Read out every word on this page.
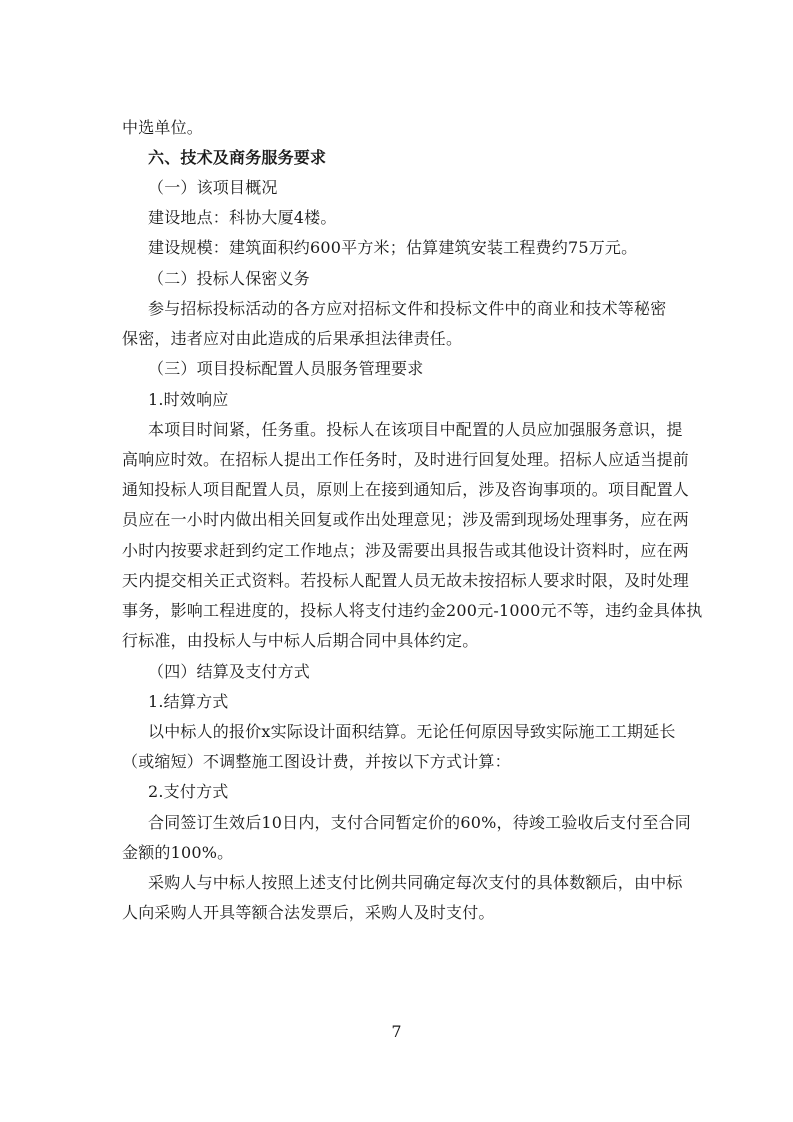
中选单位。
六、技术及商务服务要求
（一）该项目概况
建设地点：科协大厦4楼。
建设规模：建筑面积约600平方米；估算建筑安装工程费约75万元。
（二）投标人保密义务
参与招标投标活动的各方应对招标文件和投标文件中的商业和技术等秘密
保密，违者应对由此造成的后果承担法律责任。
（三）项目投标配置人员服务管理要求
1.时效响应
本项目时间紧，任务重。投标人在该项目中配置的人员应加强服务意识，提
高响应时效。在招标人提出工作任务时，及时进行回复处理。招标人应适当提前
通知投标人项目配置人员，原则上在接到通知后，涉及咨询事项的。项目配置人
员应在一小时内做出相关回复或作出处理意见；涉及需到现场处理事务，应在两
小时内按要求赶到约定工作地点；涉及需要出具报告或其他设计资料时，应在两
天内提交相关正式资料。若投标人配置人员无故未按招标人要求时限，及时处理
事务，影响工程进度的，投标人将支付违约金200元-1000元不等，违约金具体执
行标准，由投标人与中标人后期合同中具体约定。
（四）结算及支付方式
1.结算方式
以中标人的报价x实际设计面积结算。无论任何原因导致实际施工工期延长
（或缩短）不调整施工图设计费，并按以下方式计算：
2.支付方式
合同签订生效后10日内，支付合同暂定价的60%，待竣工验收后支付至合同
金额的100%。
采购人与中标人按照上述支付比例共同确定每次支付的具体数额后，由中标
人向采购人开具等额合法发票后，采购人及时支付。
7
